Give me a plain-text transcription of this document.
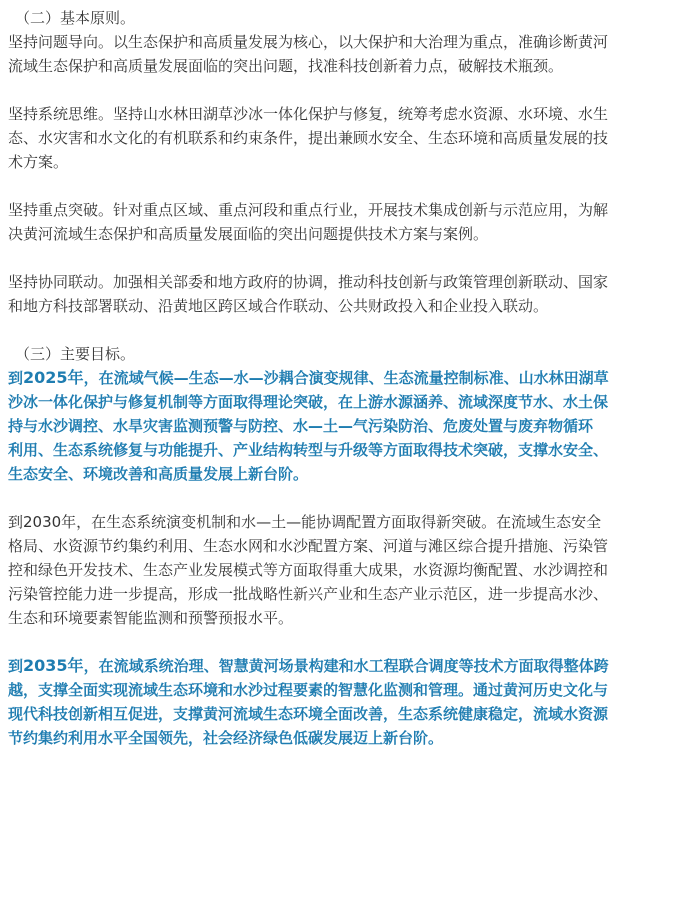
（二）基本原则。

坚持问题导向。以生态保护和高质量发展为核心，以大保护和大治理为重点，准确诊断黄河

流域生态保护和高质量发展面临的突出问题，找准科技创新着力点，破解技术瓶颈。

坚持系统思维。坚持山水林田湖草沙冰一体化保护与修复，统筹考虑水资源、水环境、水生

态、水灾害和水文化的有机联系和约束条件，提出兼顾水安全、生态环境和高质量发展的技

术方案。

坚持重点突破。针对重点区域、重点河段和重点行业，开展技术集成创新与示范应用，为解

决黄河流域生态保护和高质量发展面临的突出问题提供技术方案与案例。

坚持协同联动。加强相关部委和地方政府的协调，推动科技创新与政策管理创新联动、国家

和地方科技部署联动、沿黄地区跨区域合作联动、公共财政投入和企业投入联动。

（三）主要目标。

到2025年，在流域气候—生态—水—沙耦合演变规律、生态流量控制标准、山水林田湖草

沙冰一体化保护与修复机制等方面取得理论突破，在上游水源涵养、流域深度节水、水土保

持与水沙调控、水旱灾害监测预警与防控、水—土—气污染防治、危废处置与废弃物循环

利用、生态系统修复与功能提升、产业结构转型与升级等方面取得技术突破，支撑水安全、

生态安全、环境改善和高质量发展上新台阶。

到2030年，在生态系统演变机制和水—土—能协调配置方面取得新突破。在流域生态安全

格局、水资源节约集约利用、生态水网和水沙配置方案、河道与滩区综合提升措施、污染管

控和绿色开发技术、生态产业发展模式等方面取得重大成果，水资源均衡配置、水沙调控和

污染管控能力进一步提高，形成一批战略性新兴产业和生态产业示范区，进一步提高水沙、

生态和环境要素智能监测和预警预报水平。

到2035年，在流域系统治理、智慧黄河场景构建和水工程联合调度等技术方面取得整体跨

越，支撑全面实现流域生态环境和水沙过程要素的智慧化监测和管理。通过黄河历史文化与

现代科技创新相互促进，支撑黄河流域生态环境全面改善，生态系统健康稳定，流域水资源

节约集约利用水平全国领先，社会经济绿色低碳发展迈上新台阶。
